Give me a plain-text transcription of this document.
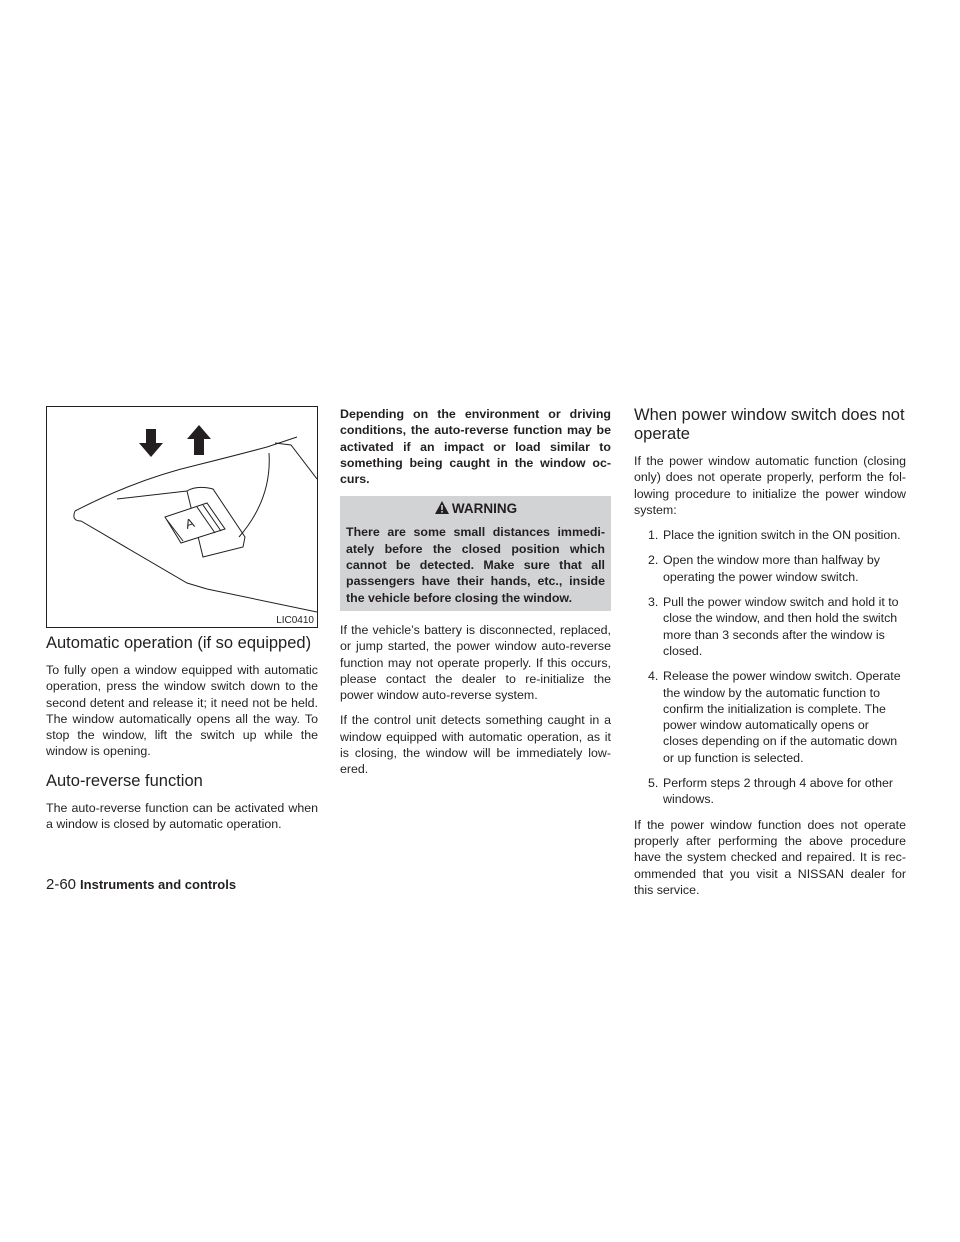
A
LIC0410
Automatic operation (if so equipped)

To fully open a window equipped with automatic operation, press the window switch down to the second detent and release it; it need not be held. The window automatically opens all the way. To stop the window, lift the switch up while the window is opening.

Auto-reverse function

The auto-reverse function can be activated when a window is closed by automatic operation.

Depending on the environment or driving conditions, the auto-reverse function may be activated if an impact or load similar to something being caught in the window oc-curs.

WARNING
There are some small distances immedi-ately before the closed position which cannot be detected. Make sure that all passengers have their hands, etc., inside the vehicle before closing the window.

If the vehicle’s battery is disconnected, replaced, or jump started, the power window auto-reverse function may not operate properly. If this occurs, please contact the dealer to re-initialize the power window auto-reverse system.

If the control unit detects something caught in a window equipped with automatic operation, as it is closing, the window will be immediately low-ered.

When power window switch does not operate

If the power window automatic function (closing only) does not operate properly, perform the fol-lowing procedure to initialize the power window system:

1. Place the ignition switch in the ON position.
2. Open the window more than halfway by operating the power window switch.
3. Pull the power window switch and hold it to close the window, and then hold the switch more than 3 seconds after the window is closed.
4. Release the power window switch. Operate the window by the automatic function to confirm the initialization is complete. The power window automatically opens or closes depending on if the automatic down or up function is selected.
5. Perform steps 2 through 4 above for other windows.

If the power window function does not operate properly after performing the above procedure have the system checked and repaired. It is rec-ommended that you visit a NISSAN dealer for this service.

2-60 Instruments and controls
